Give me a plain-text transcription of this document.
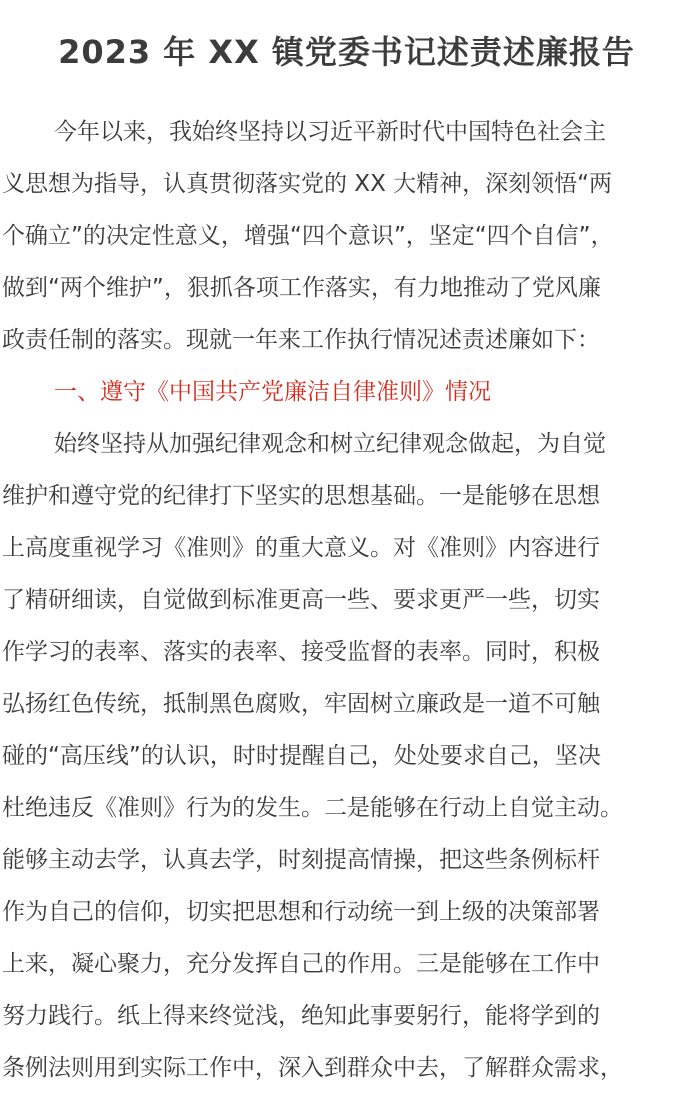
2023 年 XX 镇党委书记述责述廉报告
今年以来，我始终坚持以习近平新时代中国特色社会主
义思想为指导，认真贯彻落实党的 XX 大精神，深刻领悟“两
个确立”的决定性意义，增强“四个意识”，坚定“四个自信”，
做到“两个维护”，狠抓各项工作落实，有力地推动了党风廉
政责任制的落实。现就一年来工作执行情况述责述廉如下：
一、遵守《中国共产党廉洁自律准则》情况
始终坚持从加强纪律观念和树立纪律观念做起，为自觉
维护和遵守党的纪律打下坚实的思想基础。一是能够在思想
上高度重视学习《准则》的重大意义。对《准则》内容进行
了精研细读，自觉做到标准更高一些、要求更严一些，切实
作学习的表率、落实的表率、接受监督的表率。同时，积极
弘扬红色传统，抵制黑色腐败，牢固树立廉政是一道不可触
碰的“高压线”的认识，时时提醒自己，处处要求自己，坚决
杜绝违反《准则》行为的发生。二是能够在行动上自觉主动。
能够主动去学，认真去学，时刻提高情操，把这些条例标杆
作为自己的信仰，切实把思想和行动统一到上级的决策部署
上来，凝心聚力，充分发挥自己的作用。三是能够在工作中
努力践行。纸上得来终觉浅，绝知此事要躬行，能将学到的
条例法则用到实际工作中，深入到群众中去，了解群众需求，
